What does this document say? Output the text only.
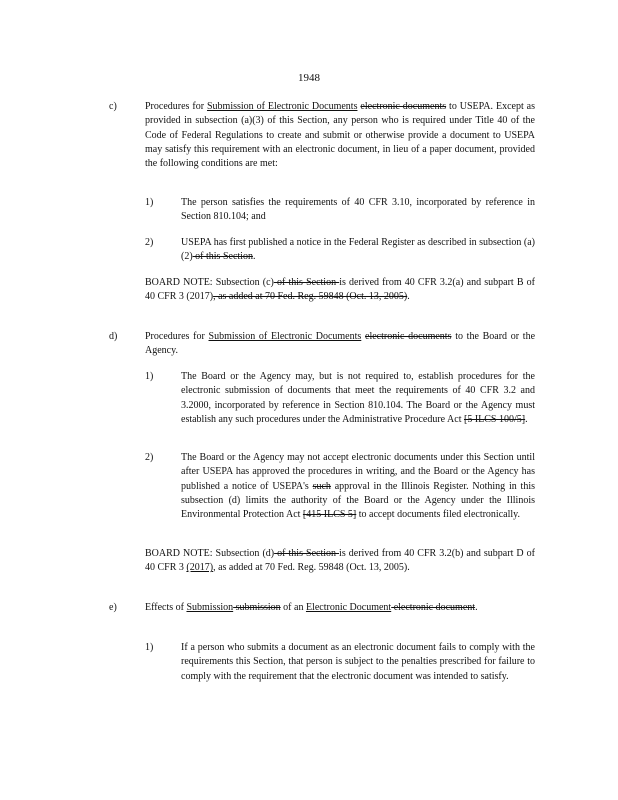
1948
c)	Procedures for Submission of Electronic Documents electronic documents to USEPA. Except as provided in subsection (a)(3) of this Section, any person who is required under Title 40 of the Code of Federal Regulations to create and submit or otherwise provide a document to USEPA may satisfy this requirement with an electronic document, in lieu of a paper document, provided the following conditions are met:
1)	The person satisfies the requirements of 40 CFR 3.10, incorporated by reference in Section 810.104; and
2)	USEPA has first published a notice in the Federal Register as described in subsection (a)(2) of this Section.
BOARD NOTE: Subsection (c) of this Section is derived from 40 CFR 3.2(a) and subpart B of 40 CFR 3 (2017), as added at 70 Fed. Reg. 59848 (Oct. 13, 2005).
d)	Procedures for Submission of Electronic Documents electronic documents to the Board or the Agency.
1)	The Board or the Agency may, but is not required to, establish procedures for the electronic submission of documents that meet the requirements of 40 CFR 3.2 and 3.2000, incorporated by reference in Section 810.104. The Board or the Agency must establish any such procedures under the Administrative Procedure Act [5 ILCS 100/5].
2)	The Board or the Agency may not accept electronic documents under this Section until after USEPA has approved the procedures in writing, and the Board or the Agency has published a notice of USEPA's such approval in the Illinois Register. Nothing in this subsection (d) limits the authority of the Board or the Agency under the Illinois Environmental Protection Act [415 ILCS 5] to accept documents filed electronically.
BOARD NOTE: Subsection (d) of this Section is derived from 40 CFR 3.2(b) and subpart D of 40 CFR 3 (2017), as added at 70 Fed. Reg. 59848 (Oct. 13, 2005).
e)	Effects of Submission submission of an Electronic Document electronic document.
1)	If a person who submits a document as an electronic document fails to comply with the requirements this Section, that person is subject to the penalties prescribed for failure to comply with the requirement that the electronic document was intended to satisfy.
